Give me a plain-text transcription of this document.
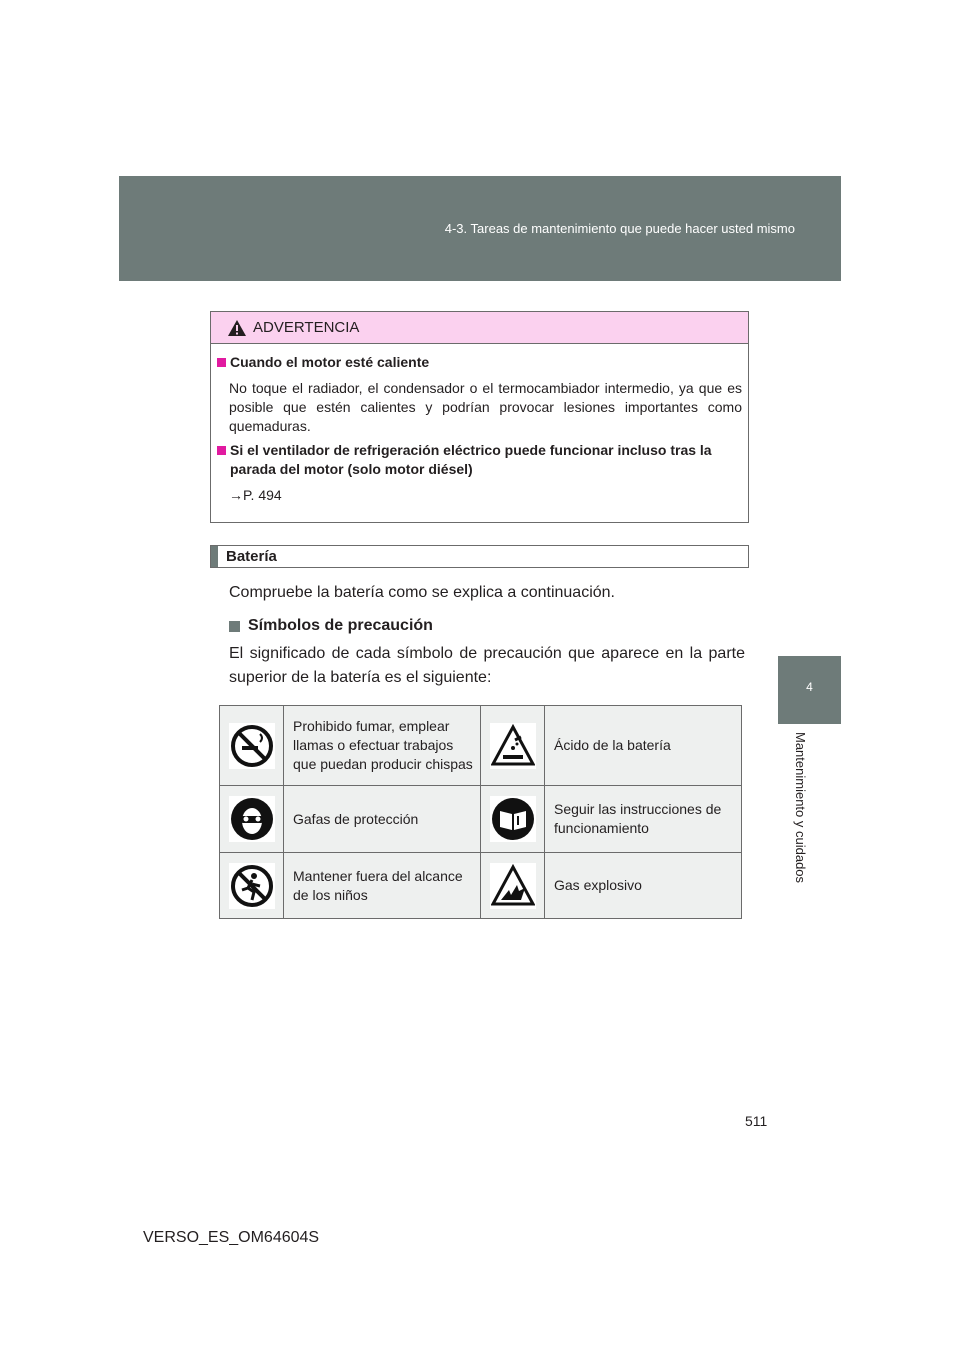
4-3. Tareas de mantenimiento que puede hacer usted mismo
4
Mantenimiento y cuidados
ADVERTENCIA
Cuando el motor esté caliente
No toque el radiador, el condensador o el termocambiador intermedio, ya que es posible que estén calientes y podrían provocar lesiones importantes como quemaduras.
Si el ventilador de refrigeración eléctrico puede funcionar incluso tras la parada del motor (solo motor diésel)
→P. 494
Batería
Compruebe la batería como se explica a continuación.
Símbolos de precaución
El significado de cada símbolo de precaución que aparece en la parte superior de la batería es el siguiente:
	Prohibido fumar, emplear llamas o efectuar trabajos que puedan producir chispas		Ácido de la batería

	Gafas de protección		Seguir las instrucciones de funcionamiento

	Mantener fuera del alcance de los niños		Gas explosivo
511
VERSO_ES_OM64604S
